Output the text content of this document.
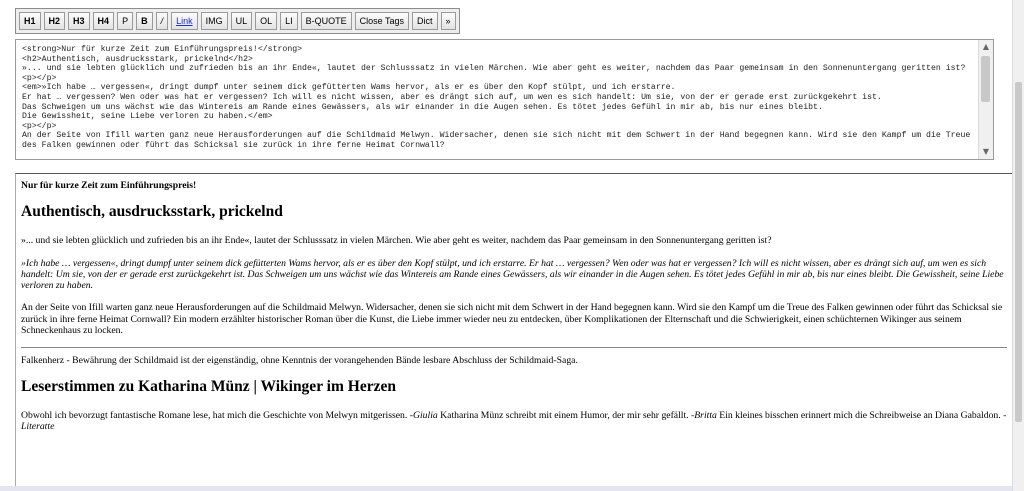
H1	H2	H3	H4	P	B	/	Link	IMG	UL	OL	LI	B-QUOTE	Close Tags	Dict	»
<strong>Nur für kurze Zeit zum Einführungspreis!</strong>
<h2>Authentisch, ausdrucksstark, prickelnd</h2>
»... und sie lebten glücklich und zufrieden bis an ihr Ende«, lautet der Schlusssatz in vielen Märchen. Wie aber geht es weiter, nachdem das Paar gemeinsam in den Sonnenuntergang geritten ist?
<p></p>
<em>»Ich habe … vergessen«, dringt dumpf unter seinem dick gefütterten Wams hervor, als er es über den Kopf stülpt, und ich erstarre.
Er hat … vergessen? Wen oder was hat er vergessen? Ich will es nicht wissen, aber es drängt sich auf, um wen es sich handelt: Um sie, von der er gerade erst zurückgekehrt ist.
Das Schweigen um uns wächst wie das Wintereis am Rande eines Gewässers, als wir einander in die Augen sehen. Es tötet jedes Gefühl in mir ab, bis nur eines bleibt.
Die Gewissheit, seine Liebe verloren zu haben.</em>
<p></p>
An der Seite von Ifill warten ganz neue Herausforderungen auf die Schildmaid Melwyn. Widersacher, denen sie sich nicht mit dem Schwert in der Hand begegnen kann. Wird sie den Kampf um die Treue des Falken gewinnen oder führt das Schicksal sie zurück in ihre ferne Heimat Cornwall?
▲
▼
Nur für kurze Zeit zum Einführungspreis!
Authentisch, ausdrucksstark, prickelnd

»... und sie lebten glücklich und zufrieden bis an ihr Ende«, lautet der Schlusssatz in vielen Märchen. Wie aber geht es weiter, nachdem das Paar gemeinsam in den Sonnenuntergang geritten ist?

»Ich habe … vergessen«, dringt dumpf unter seinem dick gefütterten Wams hervor, als er es über den Kopf stülpt, und ich erstarre. Er hat … vergessen? Wen oder was hat er vergessen? Ich will es nicht wissen, aber es drängt sich auf, um wen es sich handelt: Um sie, von der er gerade erst zurückgekehrt ist. Das Schweigen um uns wächst wie das Wintereis am Rande eines Gewässers, als wir einander in die Augen sehen. Es tötet jedes Gefühl in mir ab, bis nur eines bleibt. Die Gewissheit, seine Liebe verloren zu haben.

An der Seite von Ifill warten ganz neue Herausforderungen auf die Schildmaid Melwyn. Widersacher, denen sie sich nicht mit dem Schwert in der Hand begegnen kann. Wird sie den Kampf um die Treue des Falken gewinnen oder führt das Schicksal sie zurück in ihre ferne Heimat Cornwall? Ein modern erzählter historischer Roman über die Kunst, die Liebe immer wieder neu zu entdecken, über Komplikationen der Elternschaft und die Schwierigkeit, einen schüchternen Wikinger aus seinem Schneckenhaus zu locken.

Falkenherz - Bewährung der Schildmaid ist der eigenständig, ohne Kenntnis der vorangehenden Bände lesbare Abschluss der Schildmaid-Saga.

Leserstimmen zu Katharina Münz | Wikinger im Herzen

Obwohl ich bevorzugt fantastische Romane lese, hat mich die Geschichte von Melwyn mitgerissen. -Giulia Katharina Münz schreibt mit einem Humor, der mir sehr gefällt. -Britta Ein kleines bisschen erinnert mich die Schreibweise an Diana Gabaldon. -Literatte
